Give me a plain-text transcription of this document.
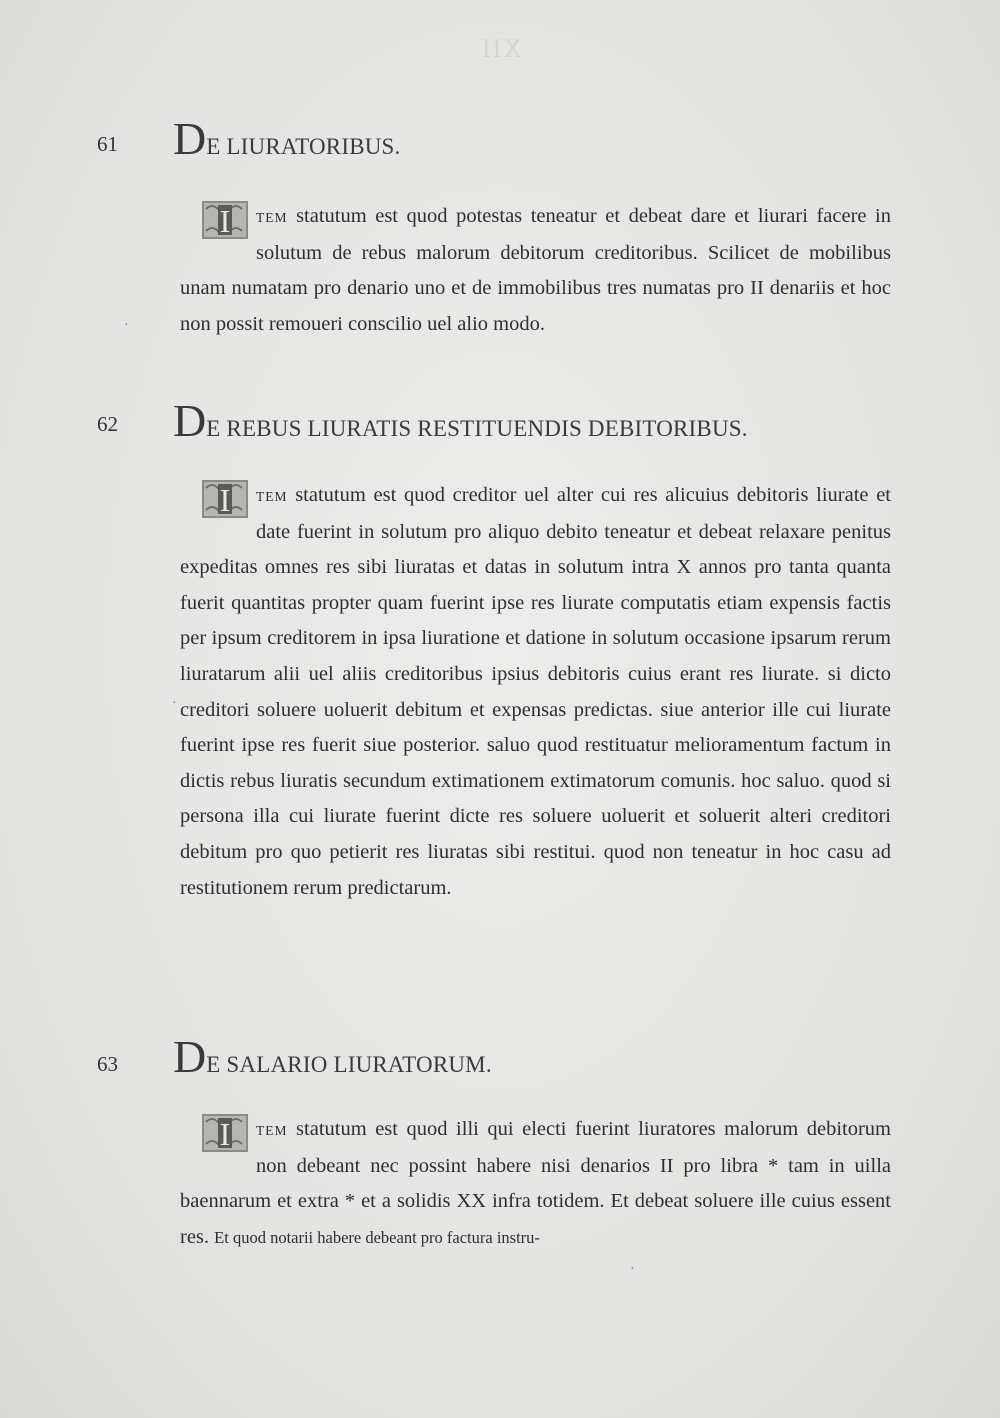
XII
61 DE LIURATORIBUS.
I TEM statutum est quod potestas teneatur et debeat dare et liurari facere in solutum de rebus malorum debitorum creditoribus. Scilicet de mobilibus unam numatam pro denario uno et de immobilibus tres numatas pro II denariis et hoc non possit remoueri conscilio uel alio modo.
62 DE REBUS LIURATIS RESTITUENDIS DEBITORIBUS.
I TEM statutum est quod creditor uel alter cui res alicuius debitoris liurate et date fuerint in solutum pro aliquo debito teneatur et debeat relaxare penitus expeditas omnes res sibi liuratas et datas in solutum intra X annos pro tanta quanta fuerit quantitas propter quam fuerint ipse res liurate computatis etiam expensis factis per ipsum creditorem in ipsa liuratione et datione in solutum occasione ipsarum rerum liuratarum alii uel aliis creditoribus ipsius debitoris cuius erant res liurate. si dicto creditori soluere uoluerit debitum et expensas predictas. siue anterior ille cui liurate fuerint ipse res fuerit siue posterior. saluo quod restituatur melioramentum factum in dictis rebus liuratis secundum extimationem extimatorum comunis. hoc saluo. quod si persona illa cui liurate fuerint dicte res soluere uoluerit et soluerit alteri creditori debitum pro quo petierit res liuratas sibi restitui. quod non teneatur in hoc casu ad restitutionem rerum predictarum.
63 DE SALARIO LIURATORUM.
I TEM statutum est quod illi qui electi fuerint liuratores malorum debitorum non debeant nec possint habere nisi denarios II pro libra * tam in uilla baennarum et extra * et a solidis XX infra totidem. Et debeat soluere ille cuius essent res. Et quod notarii habere debeant pro factura instru-
·
·
·
